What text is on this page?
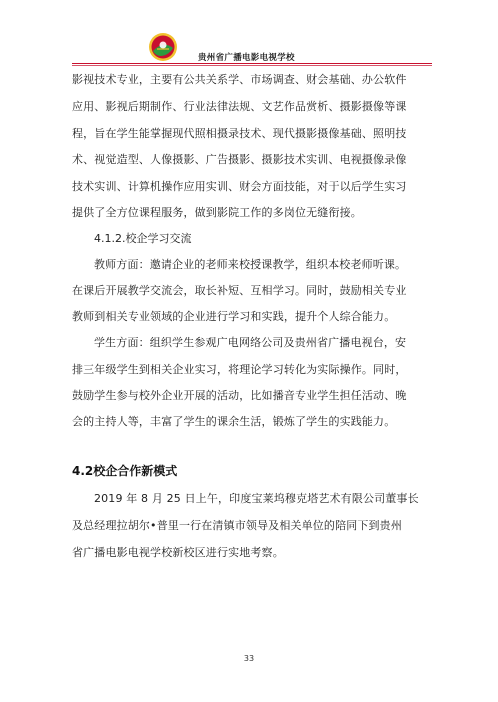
贵州省广播电影电视学校
影视技术专业，主要有公共关系学、市场调查、财会基础、办公软件
应用、影视后期制作、行业法律法规、文艺作品赏析、摄影摄像等课
程，旨在学生能掌握现代照相摄录技术、现代摄影摄像基础、照明技
术、视觉造型、人像摄影、广告摄影、摄影技术实训、电视摄像录像
技术实训、计算机操作应用实训、财会方面技能，对于以后学生实习
提供了全方位课程服务，做到影院工作的多岗位无缝衔接。
4.1.2.校企学习交流
教师方面：邀请企业的老师来校授课教学，组织本校老师听课。
在课后开展教学交流会，取长补短、互相学习。同时，鼓励相关专业
教师到相关专业领域的企业进行学习和实践，提升个人综合能力。
学生方面：组织学生参观广电网络公司及贵州省广播电视台，安
排三年级学生到相关企业实习，将理论学习转化为实际操作。同时，
鼓励学生参与校外企业开展的活动，比如播音专业学生担任活动、晚
会的主持人等，丰富了学生的课余生活，锻炼了学生的实践能力。
4.2校企合作新模式
2019 年 8 月 25 日上午，印度宝莱坞穆克塔艺术有限公司董事长
及总经理拉胡尔•普里一行在清镇市领导及相关单位的陪同下到贵州
省广播电影电视学校新校区进行实地考察。
33
